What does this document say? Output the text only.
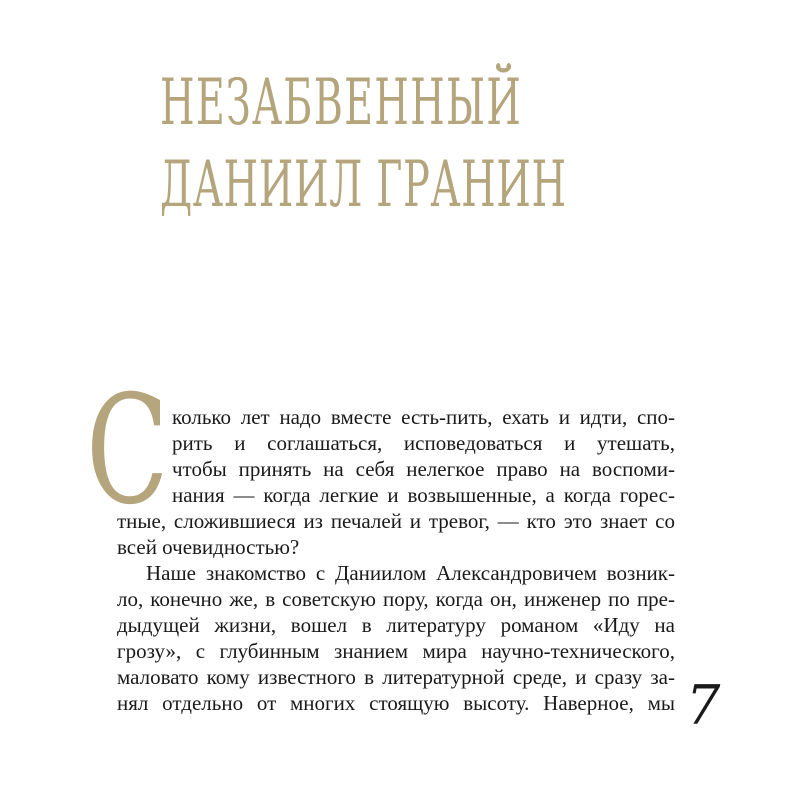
НЕЗАБВЕННЫЙ
ДАНИИЛ ГРАНИН
С колько лет надо вместе есть-пить, ехать и идти, спо-
рить и соглашаться, исповедоваться и утешать,
чтобы принять на себя нелегкое право на воспоми-
нания — когда легкие и возвышенные, а когда горес-
тные, сложившиеся из печалей и тревог, — кто это знает со
всей очевидностью?
Наше знакомство с Даниилом Александровичем возник-
ло, конечно же, в советскую пору, когда он, инженер по пре-
дыдущей жизни, вошел в литературу романом «Иду на
грозу», с глубинным знанием мира научно-технического,
маловато кому известного в литературной среде, и сразу за-
нял отдельно от многих стоящую высоту. Наверное, мы 7
